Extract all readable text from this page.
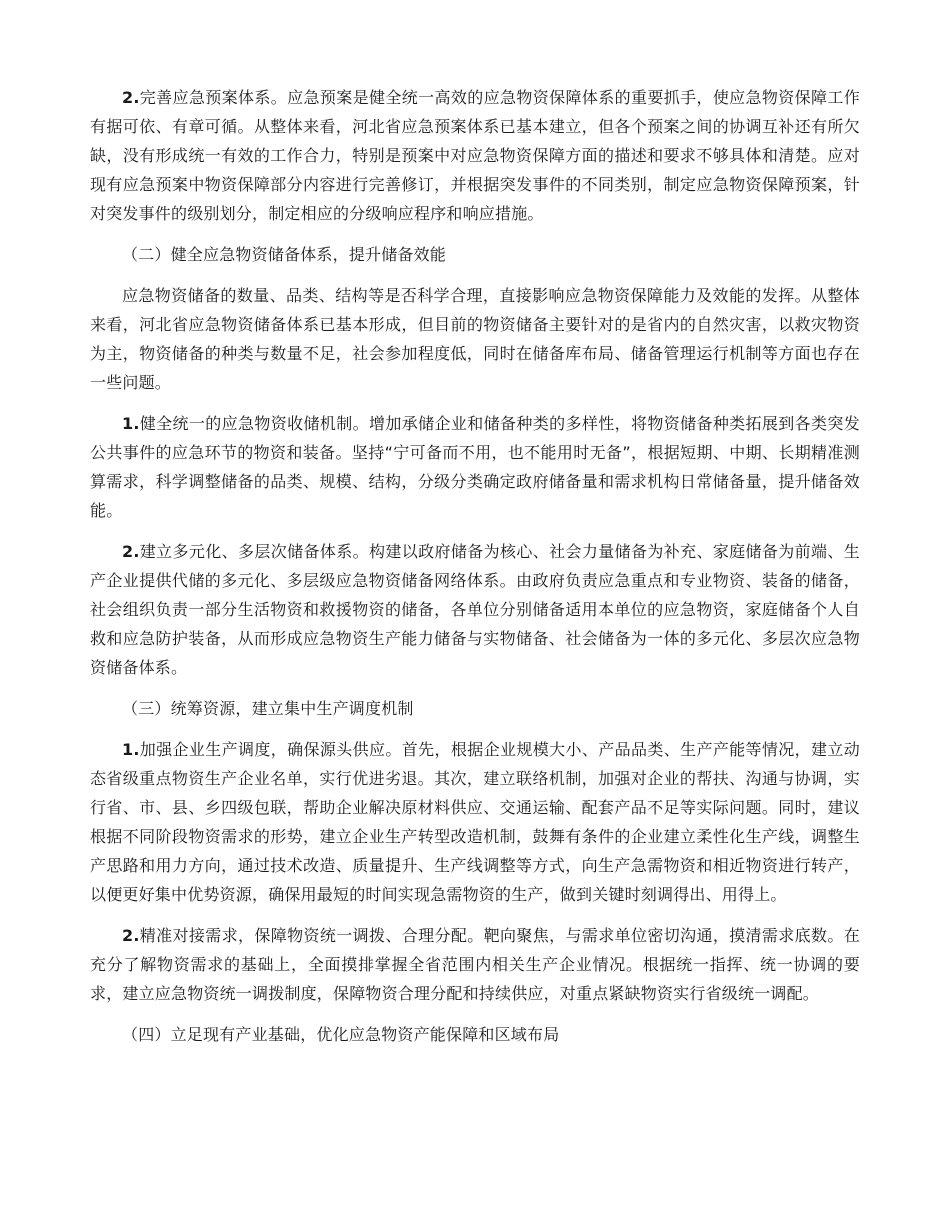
2.完善应急预案体系。应急预案是健全统一高效的应急物资保障体系的重要抓手，使应急物资保障工作有据可依、有章可循。从整体来看，河北省应急预案体系已基本建立，但各个预案之间的协调互补还有所欠缺，没有形成统一有效的工作合力，特别是预案中对应急物资保障方面的描述和要求不够具体和清楚。应对现有应急预案中物资保障部分内容进行完善修订，并根据突发事件的不同类别，制定应急物资保障预案，针对突发事件的级别划分，制定相应的分级响应程序和响应措施。

（二）健全应急物资储备体系，提升储备效能

应急物资储备的数量、品类、结构等是否科学合理，直接影响应急物资保障能力及效能的发挥。从整体来看，河北省应急物资储备体系已基本形成，但目前的物资储备主要针对的是省内的自然灾害，以救灾物资为主，物资储备的种类与数量不足，社会参加程度低，同时在储备库布局、储备管理运行机制等方面也存在一些问题。

1.健全统一的应急物资收储机制。增加承储企业和储备种类的多样性，将物资储备种类拓展到各类突发公共事件的应急环节的物资和装备。坚持“宁可备而不用，也不能用时无备”，根据短期、中期、长期精准测算需求，科学调整储备的品类、规模、结构，分级分类确定政府储备量和需求机构日常储备量，提升储备效能。

2.建立多元化、多层次储备体系。构建以政府储备为核心、社会力量储备为补充、家庭储备为前端、生产企业提供代储的多元化、多层级应急物资储备网络体系。由政府负责应急重点和专业物资、装备的储备，社会组织负责一部分生活物资和救援物资的储备，各单位分别储备适用本单位的应急物资，家庭储备个人自救和应急防护装备，从而形成应急物资生产能力储备与实物储备、社会储备为一体的多元化、多层次应急物资储备体系。

（三）统筹资源，建立集中生产调度机制

1.加强企业生产调度，确保源头供应。首先，根据企业规模大小、产品品类、生产产能等情况，建立动态省级重点物资生产企业名单，实行优进劣退。其次，建立联络机制，加强对企业的帮扶、沟通与协调，实行省、市、县、乡四级包联，帮助企业解决原材料供应、交通运输、配套产品不足等实际问题。同时，建议根据不同阶段物资需求的形势，建立企业生产转型改造机制，鼓舞有条件的企业建立柔性化生产线，调整生产思路和用力方向，通过技术改造、质量提升、生产线调整等方式，向生产急需物资和相近物资进行转产，以便更好集中优势资源，确保用最短的时间实现急需物资的生产，做到关键时刻调得出、用得上。

2.精准对接需求，保障物资统一调拨、合理分配。靶向聚焦，与需求单位密切沟通，摸清需求底数。在充分了解物资需求的基础上，全面摸排掌握全省范围内相关生产企业情况。根据统一指挥、统一协调的要求，建立应急物资统一调拨制度，保障物资合理分配和持续供应，对重点紧缺物资实行省级统一调配。

（四）立足现有产业基础，优化应急物资产能保障和区域布局
